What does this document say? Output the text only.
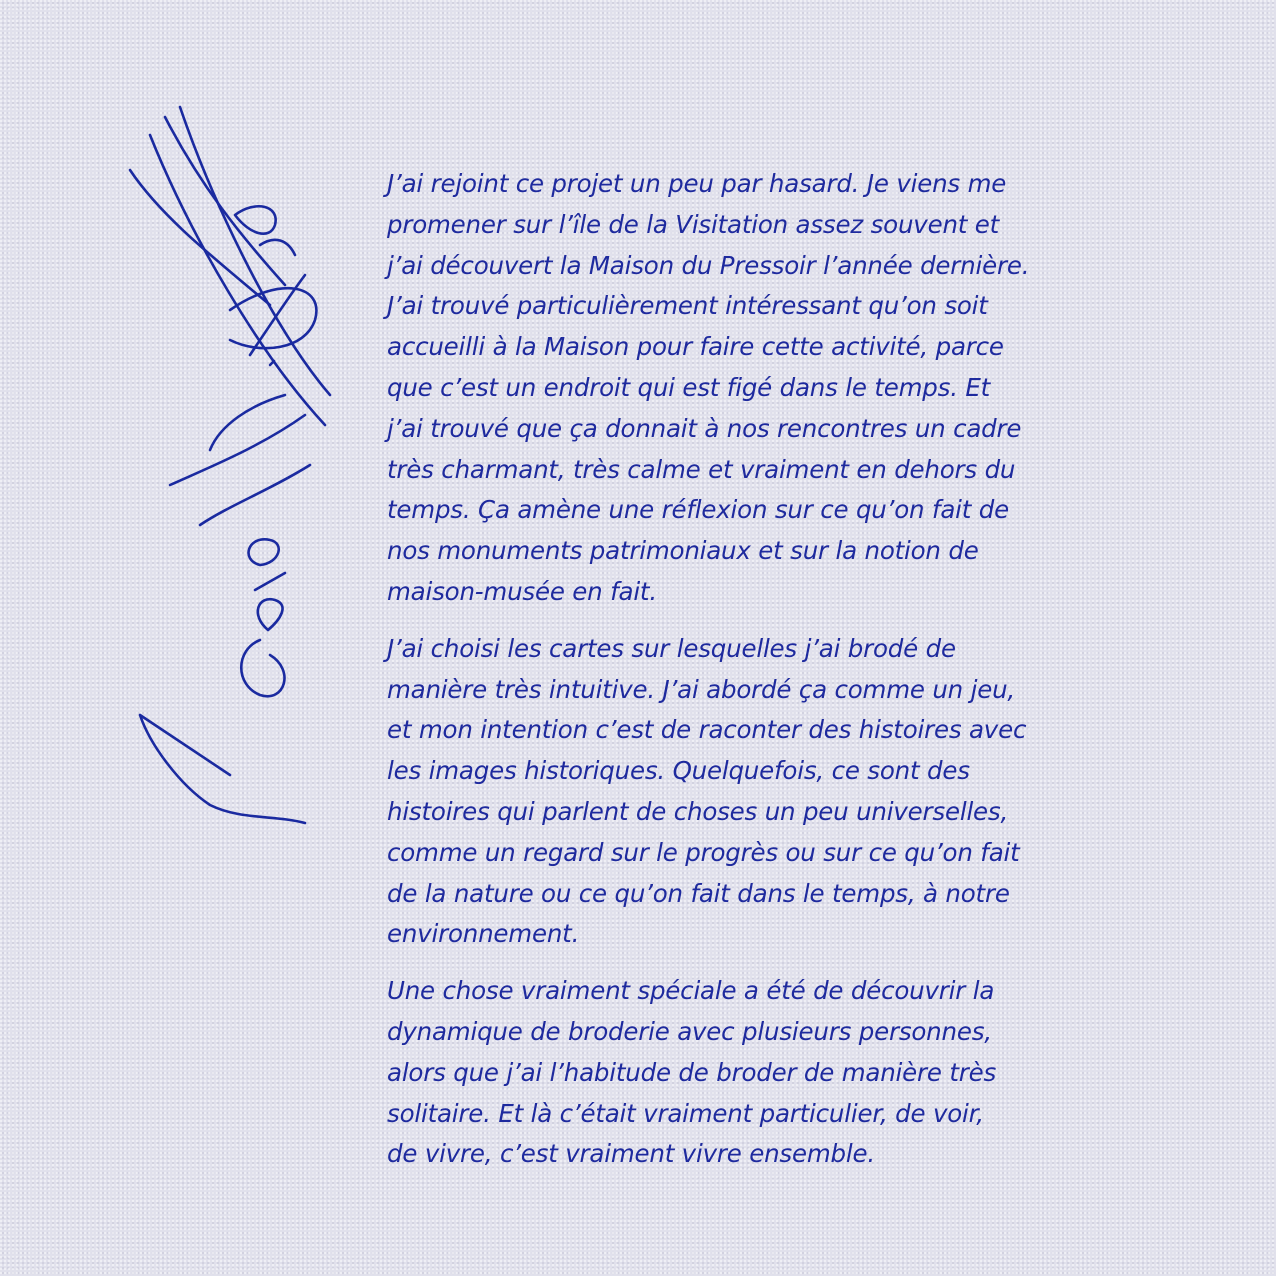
Louie H. Pratt

J’ai rejoint ce projet un peu par hasard. Je viens me
promener sur l’île de la Visitation assez souvent et
j’ai découvert la Maison du Pressoir l’année dernière.
J’ai trouvé particulièrement intéressant qu’on soit
accueilli à la Maison pour faire cette activité, parce
que c’est un endroit qui est figé dans le temps. Et
j’ai trouvé que ça donnait à nos rencontres un cadre
très charmant, très calme et vraiment en dehors du
temps. Ça amène une réflexion sur ce qu’on fait de
nos monuments patrimoniaux et sur la notion de
maison-musée en fait.

J’ai choisi les cartes sur lesquelles j’ai brodé de
manière très intuitive. J’ai abordé ça comme un jeu,
et mon intention c’est de raconter des histoires avec
les images historiques. Quelquefois, ce sont des
histoires qui parlent de choses un peu universelles,
comme un regard sur le progrès ou sur ce qu’on fait
de la nature ou ce qu’on fait dans le temps, à notre
environnement.

Une chose vraiment spéciale a été de découvrir la
dynamique de broderie avec plusieurs personnes,
alors que j’ai l’habitude de broder de manière très
solitaire. Et là c’était vraiment particulier, de voir,
de vivre, c’est vraiment vivre ensemble.
